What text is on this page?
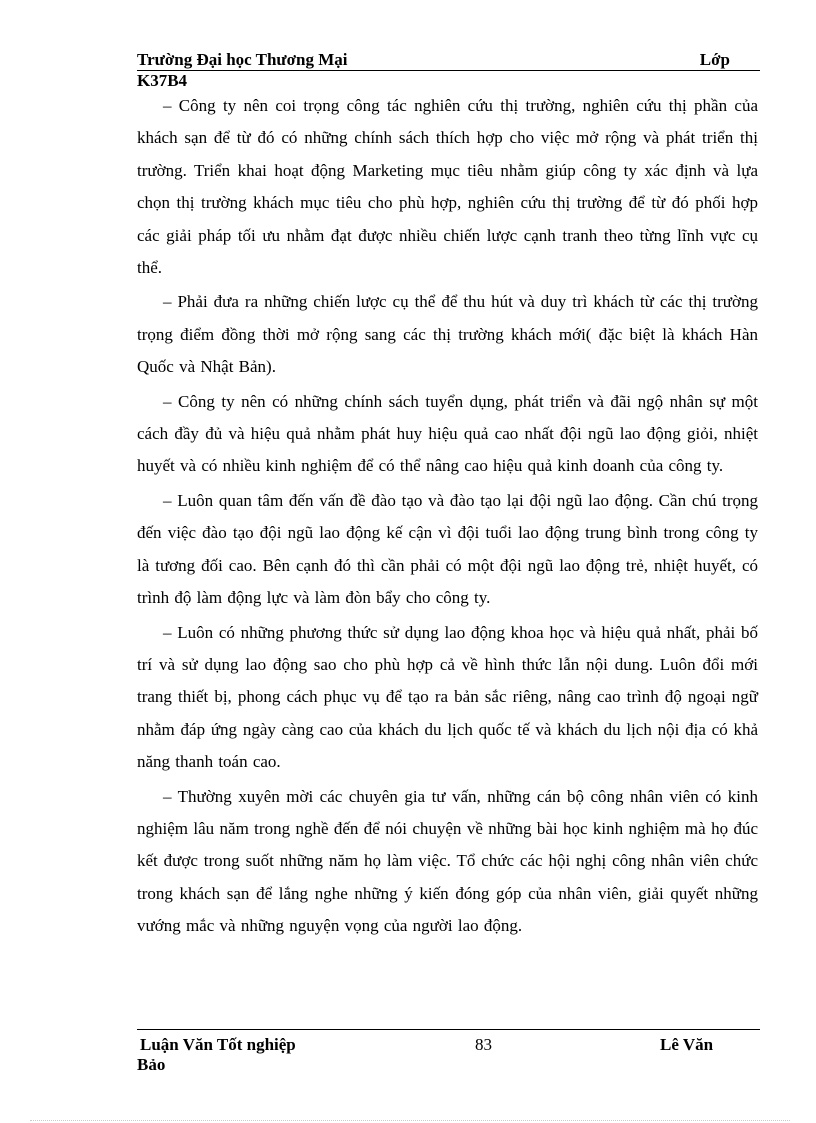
Trường Đại học Thương Mại	Lớp
K37B4

– Công ty nên coi trọng công tác nghiên cứu thị trường, nghiên cứu thị phần của khách sạn để từ đó có những chính sách thích hợp cho việc mở rộng và phát triển thị trường. Triển khai hoạt động Marketing mục tiêu nhằm giúp công ty xác định và lựa chọn thị trường khách mục tiêu cho phù hợp, nghiên cứu thị trường để từ đó phối hợp các giải pháp tối ưu nhằm đạt được nhiều chiến lược cạnh tranh theo từng lĩnh vực cụ thể.

– Phải đưa ra những chiến lược cụ thể để thu hút và duy trì khách từ các thị trường trọng điểm đồng thời mở rộng sang các thị trường khách mới( đặc biệt là khách Hàn Quốc và Nhật Bản).

– Công ty nên có những chính sách tuyển dụng, phát triển và đãi ngộ nhân sự một cách đầy đủ và hiệu quả nhằm phát huy hiệu quả cao nhất đội ngũ lao động giỏi, nhiệt huyết và có nhiều kinh nghiệm để có thể nâng cao hiệu quả kinh doanh của công ty.

– Luôn quan tâm đến vấn đề đào tạo và đào tạo lại đội ngũ lao động. Cần chú trọng đến việc đào tạo đội ngũ lao động kế cận vì đội tuổi lao động trung bình trong công ty là tương đối cao. Bên cạnh đó thì cần phải có một đội ngũ lao động trẻ, nhiệt huyết, có trình độ làm động lực và làm đòn bẩy cho công ty.

– Luôn có những phương thức sử dụng lao động khoa học và hiệu quả nhất, phải bố trí và sử dụng lao động sao cho phù hợp cả về hình thức lẫn nội dung. Luôn đổi mới trang thiết bị, phong cách phục vụ để tạo ra bản sắc riêng, nâng cao trình độ ngoại ngữ nhằm đáp ứng ngày càng cao của khách du lịch quốc tế và khách du lịch nội địa có khả năng thanh toán cao.

– Thường xuyên mời các chuyên gia tư vấn, những cán bộ công nhân viên có kinh nghiệm lâu năm trong nghề đến để nói chuyện về những bài học kinh nghiệm mà họ đúc kết được trong suốt những năm họ làm việc. Tổ chức các hội nghị công nhân viên chức trong khách sạn để lắng nghe những ý kiến đóng góp của nhân viên, giải quyết những vướng mắc và những nguyện vọng của người lao động.

Luận Văn Tốt nghiệp	83	Lê Văn
Bảo
